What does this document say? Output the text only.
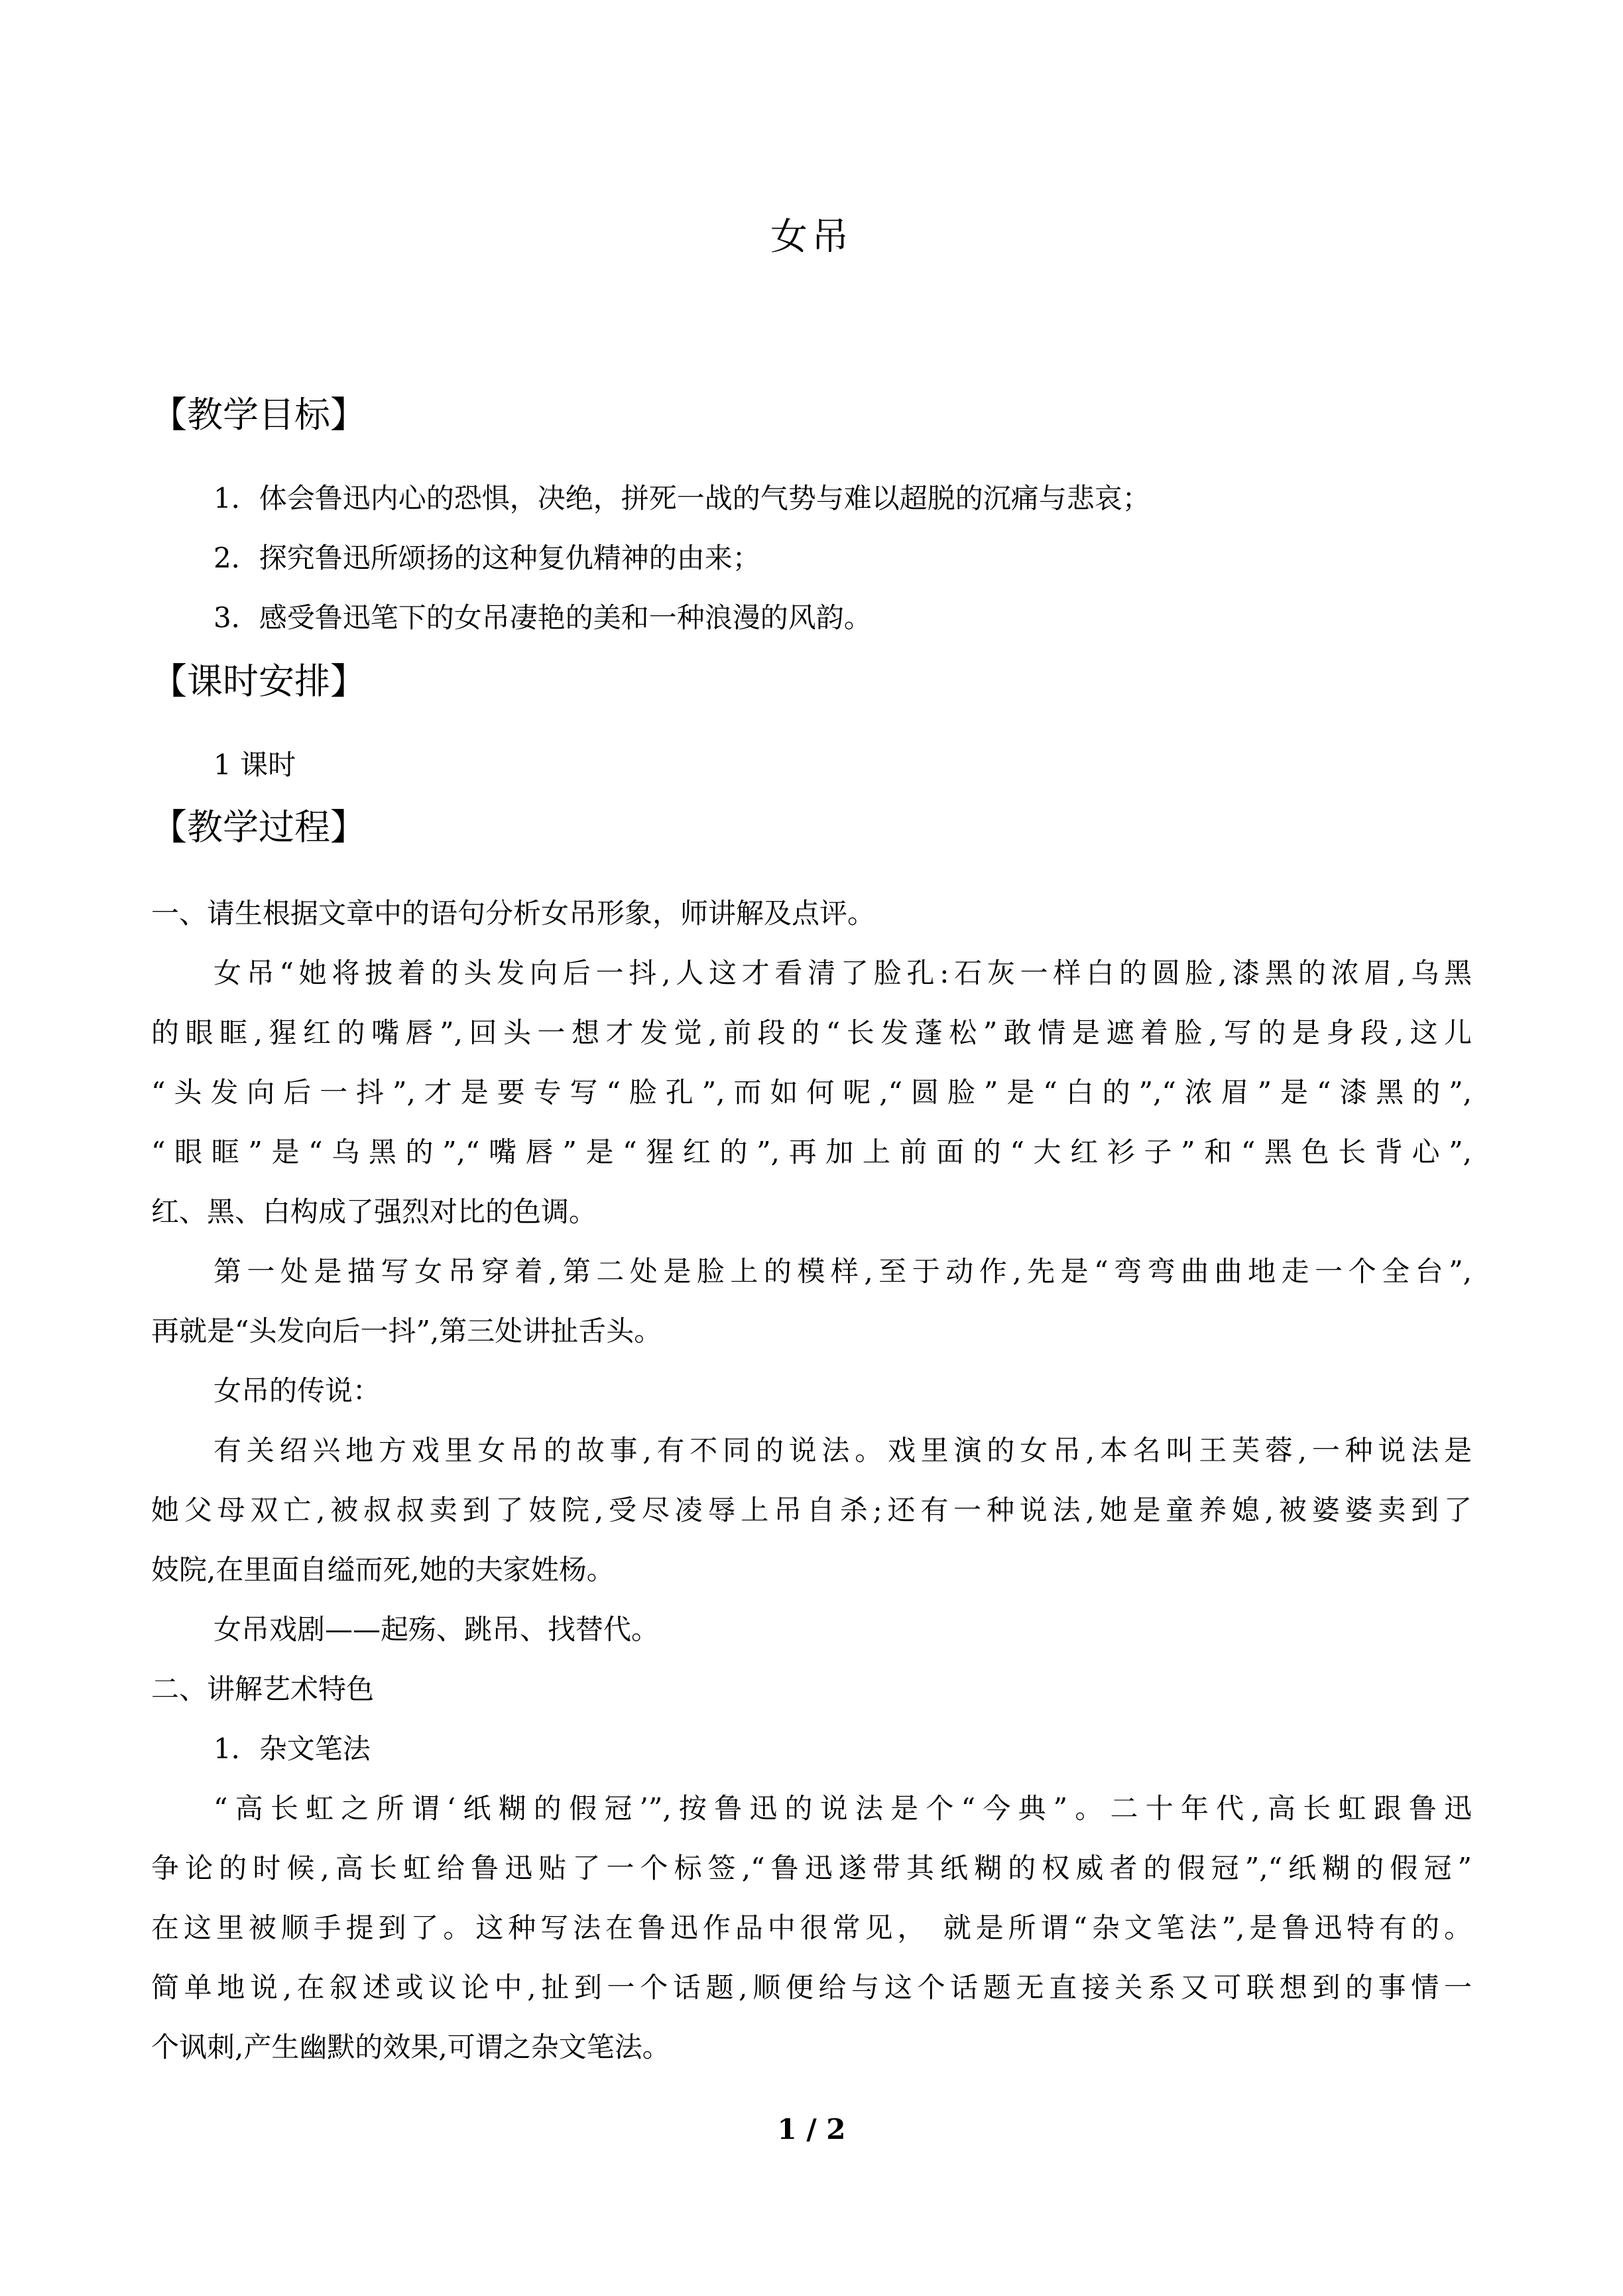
女吊
【教学目标】
1．体会鲁迅内心的恐惧，决绝，拼死一战的气势与难以超脱的沉痛与悲哀；
2．探究鲁迅所颂扬的这种复仇精神的由来；
3．感受鲁迅笔下的女吊凄艳的美和一种浪漫的风韵。
【课时安排】
1 课时
【教学过程】
一、请生根据文章中的语句分析女吊形象，师讲解及点评。
女吊“她将披着的头发向后一抖,人这才看清了脸孔:石灰一样白的圆脸,漆黑的浓眉,乌黑
的眼眶,猩红的嘴唇”,回头一想才发觉,前段的“长发蓬松”敢情是遮着脸,写的是身段,这儿
“头发向后一抖”,才是要专写“脸孔”,而如何呢,“圆脸”是“白的”,“浓眉”是“漆黑的”,
“眼眶”是“乌黑的”,“嘴唇”是“猩红的”,再加上前面的“大红衫子”和“黑色长背心”,
红、黑、白构成了强烈对比的色调。
第一处是描写女吊穿着,第二处是脸上的模样,至于动作,先是“弯弯曲曲地走一个全台”,
再就是“头发向后一抖”,第三处讲扯舌头。
女吊的传说：
有关绍兴地方戏里女吊的故事,有不同的说法。戏里演的女吊,本名叫王芙蓉,一种说法是
她父母双亡,被叔叔卖到了妓院,受尽凌辱上吊自杀;还有一种说法,她是童养媳,被婆婆卖到了
妓院,在里面自缢而死,她的夫家姓杨。
女吊戏剧——起殇、跳吊、找替代。
二、讲解艺术特色
1．杂文笔法
“高长虹之所谓‘纸糊的假冠’”,按鲁迅的说法是个“今典”。二十年代,高长虹跟鲁迅
争论的时候,高长虹给鲁迅贴了一个标签,“鲁迅遂带其纸糊的权威者的假冠”,“纸糊的假冠”
在这里被顺手提到了。这种写法在鲁迅作品中很常见， 就是所谓“杂文笔法”,是鲁迅特有的。
简单地说,在叙述或议论中,扯到一个话题,顺便给与这个话题无直接关系又可联想到的事情一
个讽刺,产生幽默的效果,可谓之杂文笔法。
1 / 2
